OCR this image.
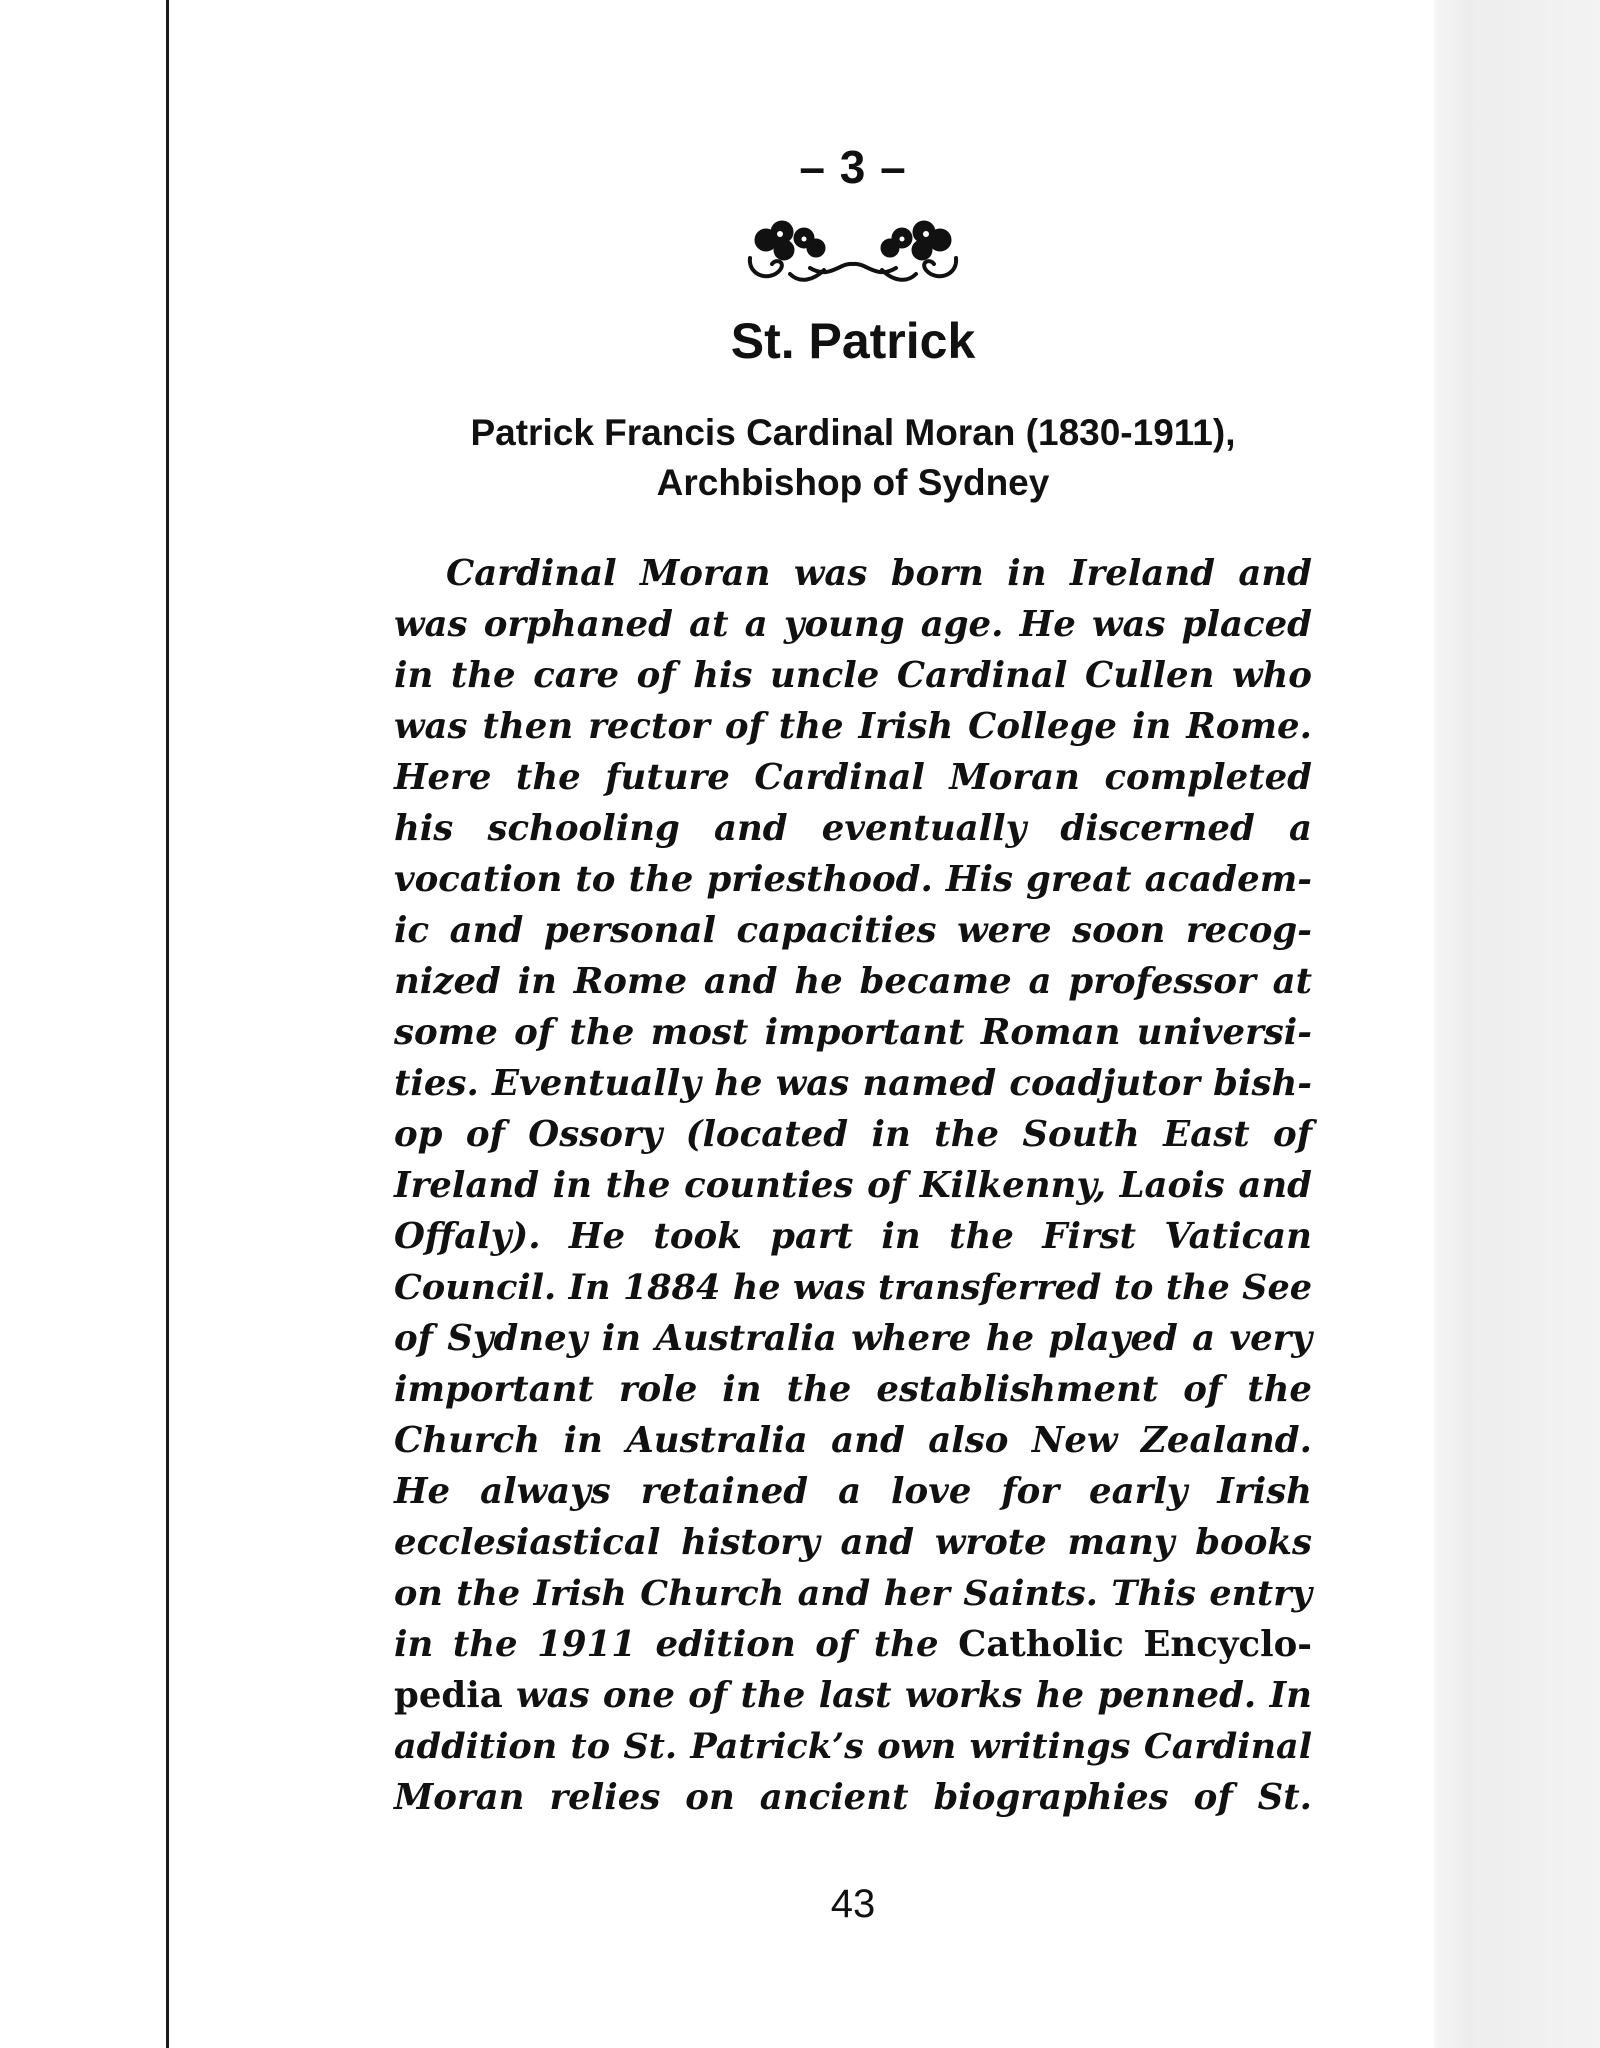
– 3 –
St. Patrick
Patrick Francis Cardinal Moran (1830-1911),
Archbishop of Sydney
Cardinal Moran was born in Ireland and
was orphaned at a young age. He was placed
in the care of his uncle Cardinal Cullen who
was then rector of the Irish College in Rome.
Here the future Cardinal Moran completed
his schooling and eventually discerned a
vocation to the priesthood. His great academ-
ic and personal capacities were soon recog-
nized in Rome and he became a professor at
some of the most important Roman universi-
ties. Eventually he was named coadjutor bish-
op of Ossory (located in the South East of
Ireland in the counties of Kilkenny, Laois and
Offaly). He took part in the First Vatican
Council. In 1884 he was transferred to the See
of Sydney in Australia where he played a very
important role in the establishment of the
Church in Australia and also New Zealand.
He always retained a love for early Irish
ecclesiastical history and wrote many books
on the Irish Church and her Saints. This entry
in the 1911 edition of the Catholic Encyclo-
pedia was one of the last works he penned. In
addition to St. Patrick’s own writings Cardinal
Moran relies on ancient biographies of St.
43
